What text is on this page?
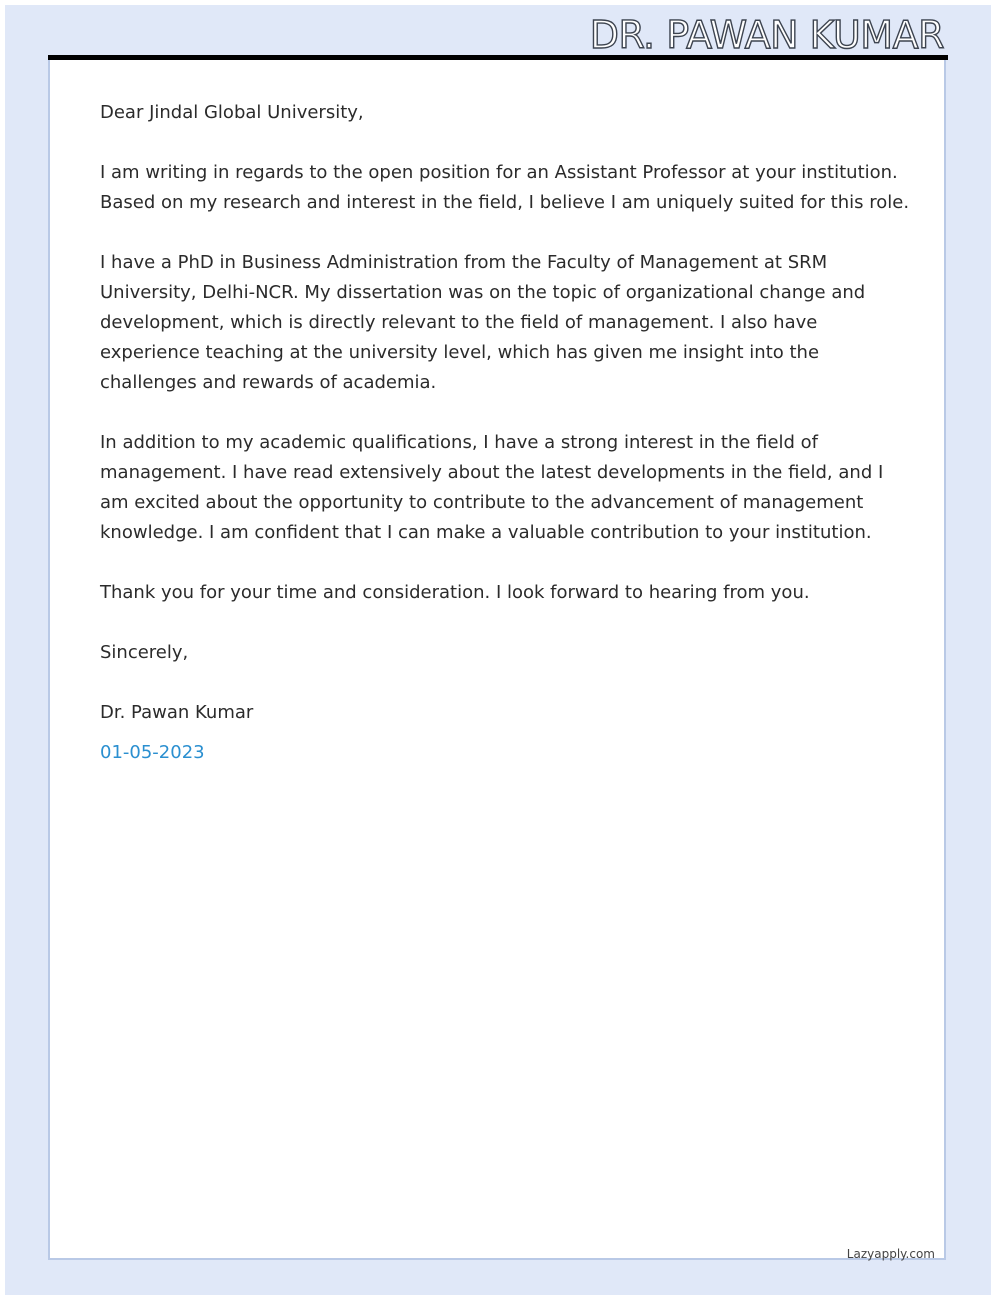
DR. PAWAN KUMAR

Dear Jindal Global University,

I am writing in regards to the open position for an Assistant Professor at your institution. Based on my research and interest in the field, I believe I am uniquely suited for this role.

I have a PhD in Business Administration from the Faculty of Management at SRM University, Delhi-NCR. My dissertation was on the topic of organizational change and development, which is directly relevant to the field of management. I also have experience teaching at the university level, which has given me insight into the challenges and rewards of academia.

In addition to my academic qualifications, I have a strong interest in the field of management. I have read extensively about the latest developments in the field, and I am excited about the opportunity to contribute to the advancement of management knowledge. I am confident that I can make a valuable contribution to your institution.

Thank you for your time and consideration. I look forward to hearing from you.

Sincerely,

Dr. Pawan Kumar

01-05-2023

Lazyapply.com
